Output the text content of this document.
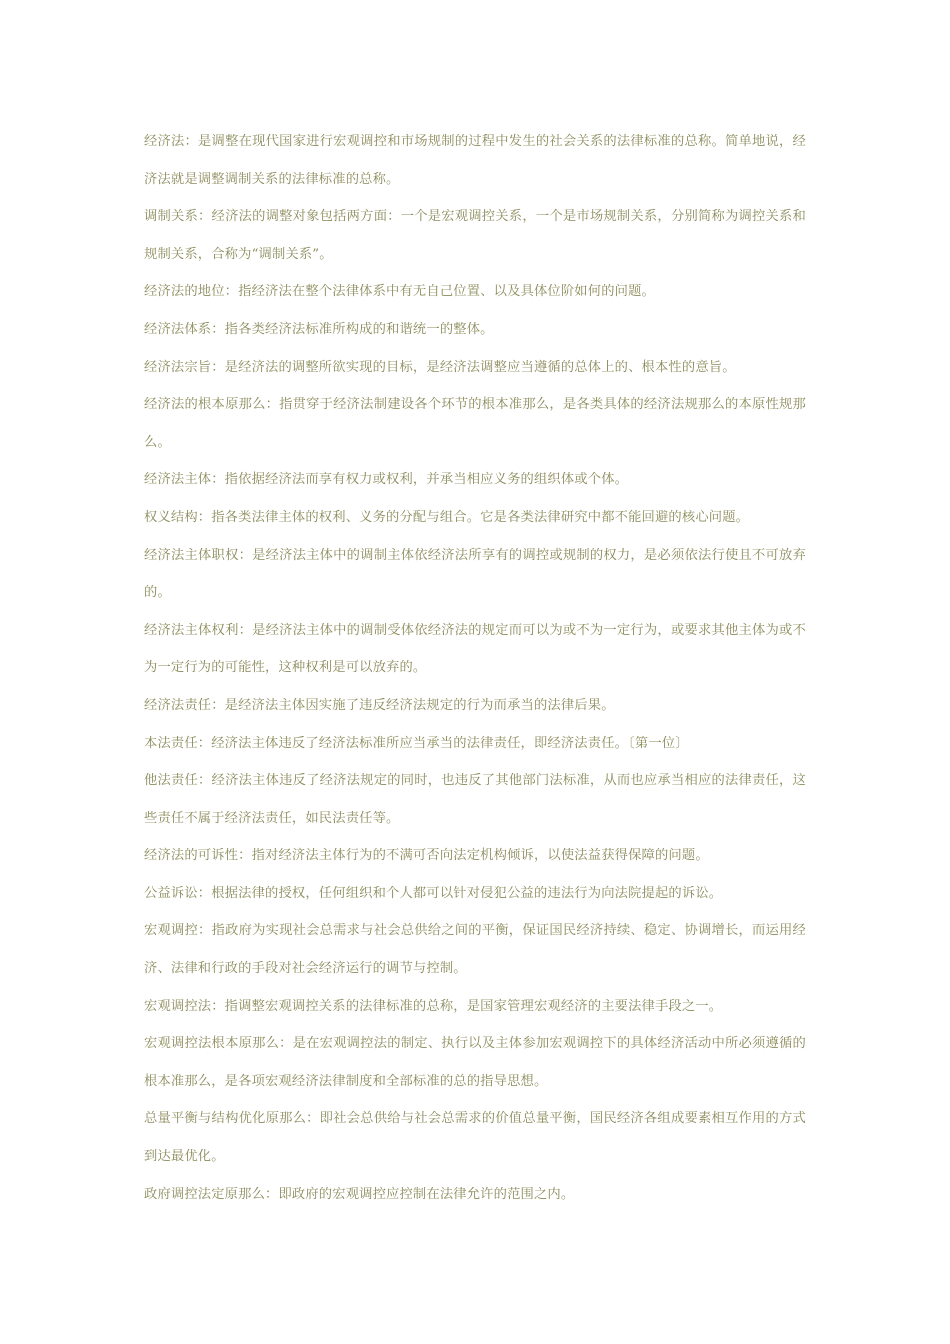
经济法：是调整在现代国家进行宏观调控和市场规制的过程中发生的社会关系的法律标准的总称。简单地说，经济法就是调整调制关系的法律标准的总称。

调制关系：经济法的调整对象包括两方面：一个是宏观调控关系，一个是市场规制关系，分别简称为调控关系和规制关系，合称为“调制关系”。

经济法的地位：指经济法在整个法律体系中有无自己位置、以及具体位阶如何的问题。

经济法体系：指各类经济法标准所构成的和谐统一的整体。

经济法宗旨：是经济法的调整所欲实现的目标，是经济法调整应当遵循的总体上的、根本性的意旨。

经济法的根本原那么：指贯穿于经济法制建设各个环节的根本准那么，是各类具体的经济法规那么的本原性规那么。

经济法主体：指依据经济法而享有权力或权利，并承当相应义务的组织体或个体。

权义结构：指各类法律主体的权利、义务的分配与组合。它是各类法律研究中都不能回避的核心问题。

经济法主体职权：是经济法主体中的调制主体依经济法所享有的调控或规制的权力，是必须依法行使且不可放弃的。

经济法主体权利：是经济法主体中的调制受体依经济法的规定而可以为或不为一定行为，或要求其他主体为或不为一定行为的可能性，这种权利是可以放弃的。

经济法责任：是经济法主体因实施了违反经济法规定的行为而承当的法律后果。

本法责任：经济法主体违反了经济法标准所应当承当的法律责任，即经济法责任。〔第一位〕

他法责任：经济法主体违反了经济法规定的同时，也违反了其他部门法标准，从而也应承当相应的法律责任，这些责任不属于经济法责任，如民法责任等。

经济法的可诉性：指对经济法主体行为的不满可否向法定机构倾诉，以使法益获得保障的问题。

公益诉讼：根据法律的授权，任何组织和个人都可以针对侵犯公益的违法行为向法院提起的诉讼。

宏观调控：指政府为实现社会总需求与社会总供给之间的平衡，保证国民经济持续、稳定、协调增长，而运用经济、法律和行政的手段对社会经济运行的调节与控制。

宏观调控法：指调整宏观调控关系的法律标准的总称，是国家管理宏观经济的主要法律手段之一。

宏观调控法根本原那么：是在宏观调控法的制定、执行以及主体参加宏观调控下的具体经济活动中所必须遵循的根本准那么，是各项宏观经济法律制度和全部标准的总的指导思想。

总量平衡与结构优化原那么：即社会总供给与社会总需求的价值总量平衡，国民经济各组成要素相互作用的方式到达最优化。

政府调控法定原那么：即政府的宏观调控应控制在法律允许的范围之内。
